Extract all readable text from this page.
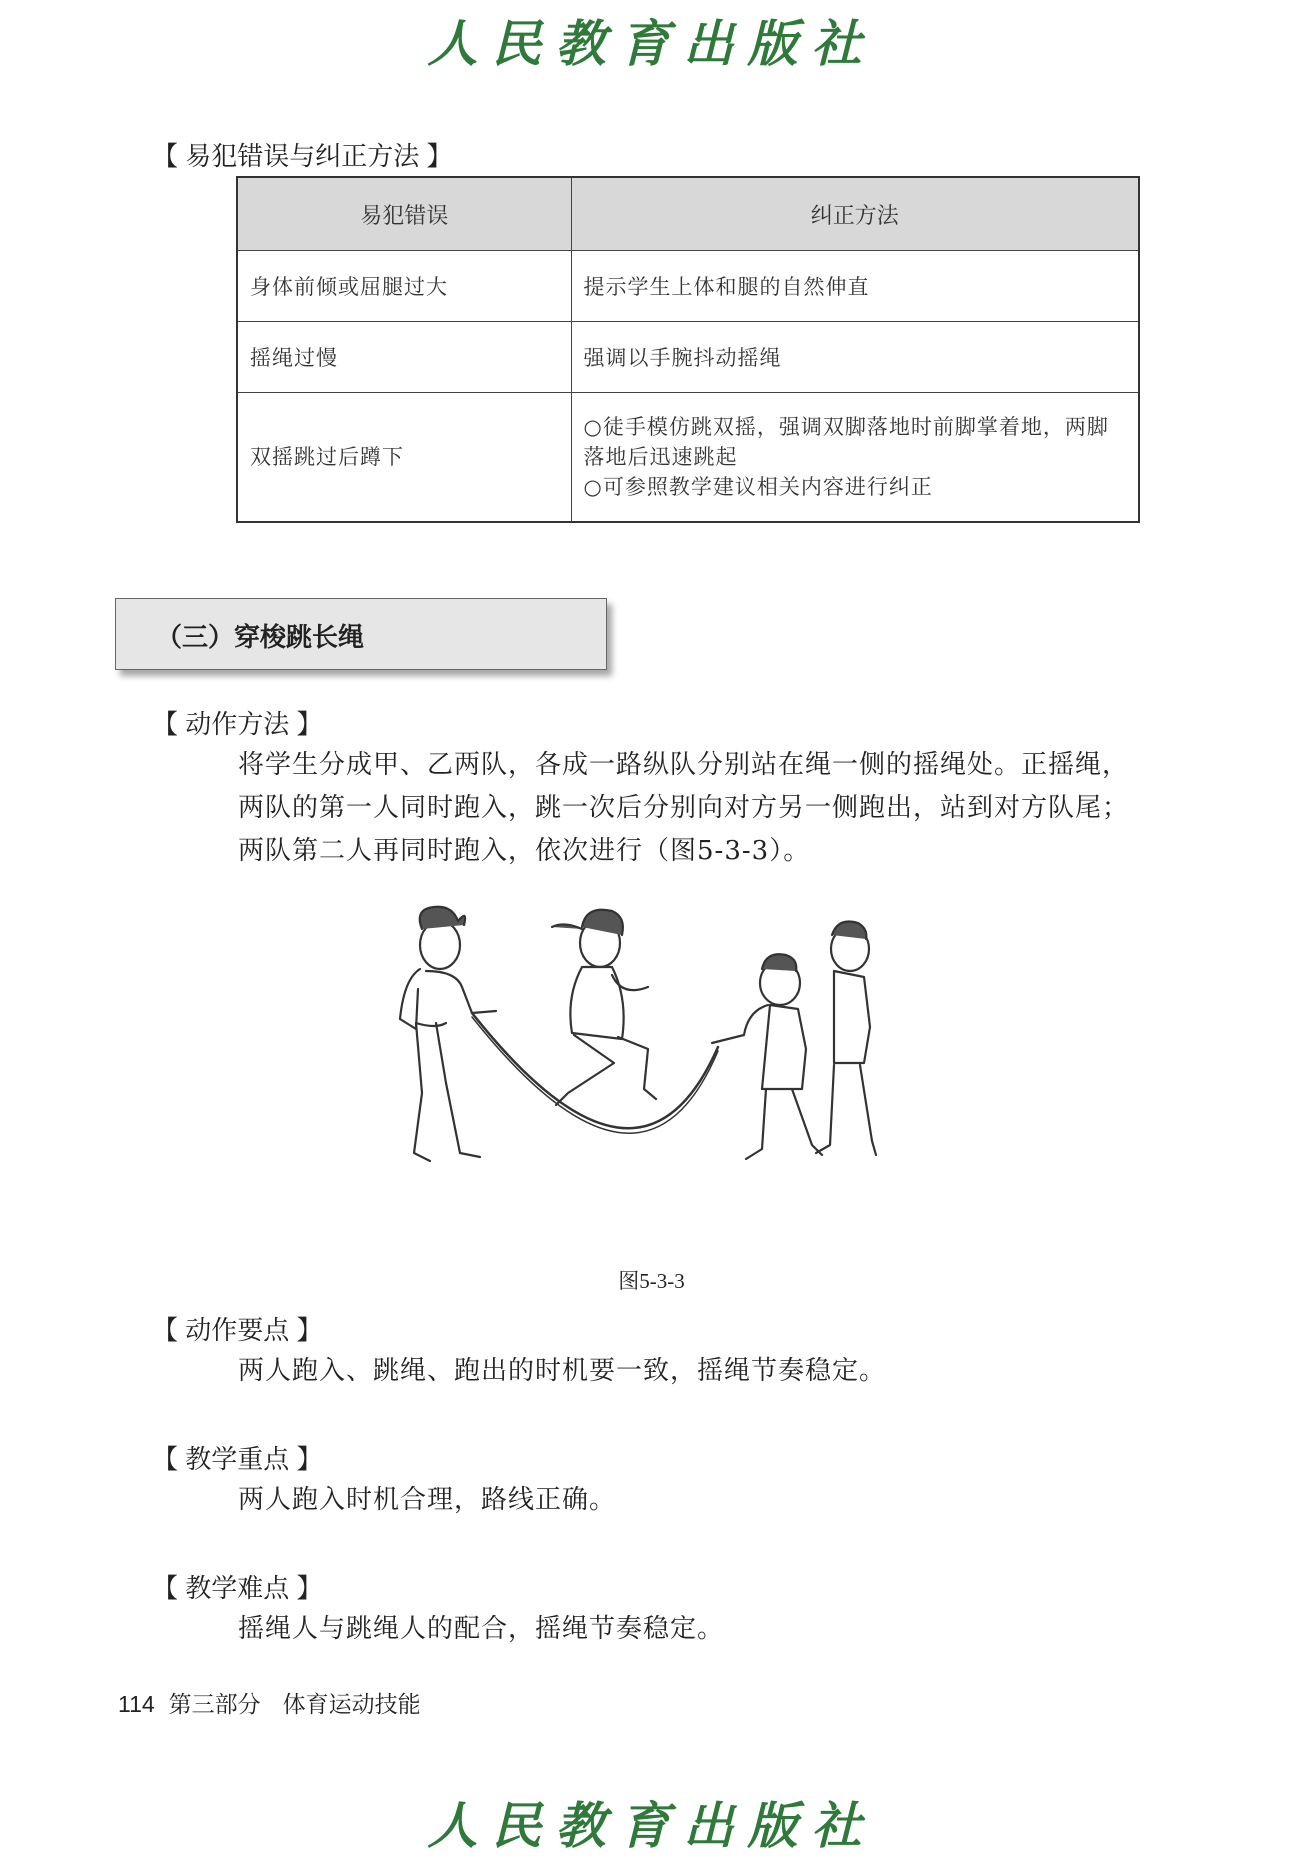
人民教育出版社
【 易犯错误与纠正方法 】
易犯错误	纠正方法
身体前倾或屈腿过大	提示学生上体和腿的自然伸直
摇绳过慢	强调以手腕抖动摇绳
双摇跳过后蹲下	○徒手模仿跳双摇，强调双脚落地时前脚掌着地，两脚落地后迅速跳起
○可参照教学建议相关内容进行纠正
（三）穿梭跳长绳
【 动作方法 】
将学生分成甲、乙两队，各成一路纵队分别站在绳一侧的摇绳处。正摇绳，两队的第一人同时跑入，跳一次后分别向对方另一侧跑出，站到对方队尾；两队第二人再同时跑入，依次进行（图5-3-3）。
图5-3-3
【 动作要点 】
两人跑入、跳绳、跑出的时机要一致，摇绳节奏稳定。
【 教学重点 】
两人跑入时机合理，路线正确。
【 教学难点 】
摇绳人与跳绳人的配合，摇绳节奏稳定。
114 第三部分 体育运动技能
人民教育出版社
